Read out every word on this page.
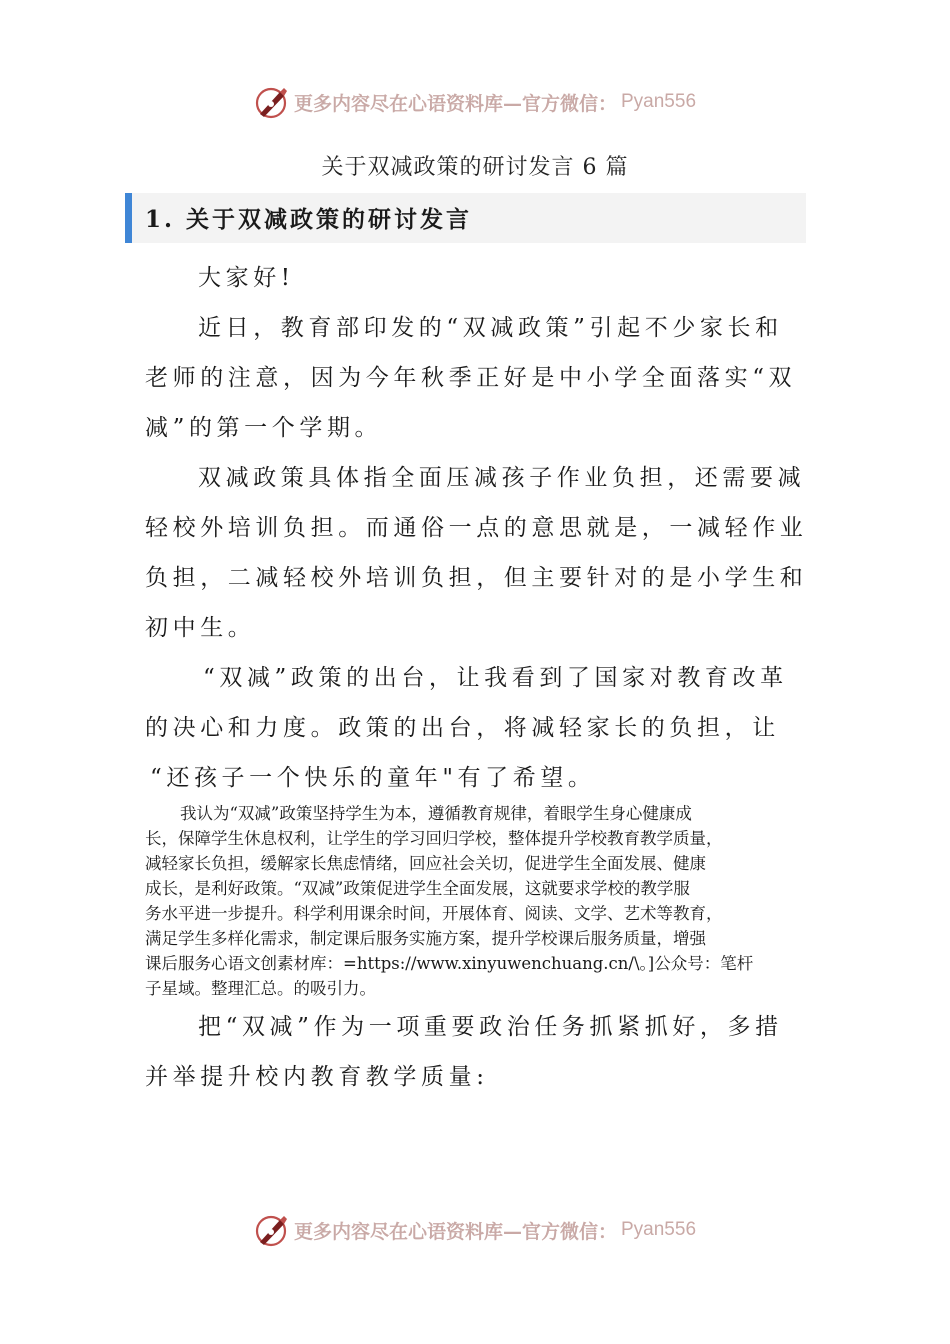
更多内容尽在心语资料库—官方微信： Pyan556
关于双减政策的研讨发言 6 篇
1. 关于双减政策的研讨发言
大家好!
近日，教育部印发的“双减政策”引起不少家长和
老师的注意，因为今年秋季正好是中小学全面落实“双
减”的第一个学期。
双减政策具体指全面压减孩子作业负担，还需要减
轻校外培训负担。而通俗一点的意思就是，一减轻作业
负担，二减轻校外培训负担，但主要针对的是小学生和
初中生。
“双减”政策的出台，让我看到了国家对教育改革
的决心和力度。政策的出台，将减轻家长的负担，让
“还孩子一个快乐的童年"有了希望。
我认为“双减”政策坚持学生为本，遵循教育规律，着眼学生身心健康成
长，保障学生休息权利，让学生的学习回归学校，整体提升学校教育教学质量，
减轻家长负担，缓解家长焦虑情绪，回应社会关切，促进学生全面发展、健康
成长，是利好政策。“双减”政策促进学生全面发展，这就要求学校的教学服
务水平进一步提升。科学利用课余时间，开展体育、阅读、文学、艺术等教育，
满足学生多样化需求，制定课后服务实施方案，提升学校课后服务质量，增强
课后服务心语文创素材库：=https://www.xinyuwenchuang.cn/\。]公众号：笔杆
子星域。整理汇总。的吸引力。
把“双减”作为一项重要政治任务抓紧抓好，多措
并举提升校内教育教学质量:
更多内容尽在心语资料库—官方微信： Pyan556
